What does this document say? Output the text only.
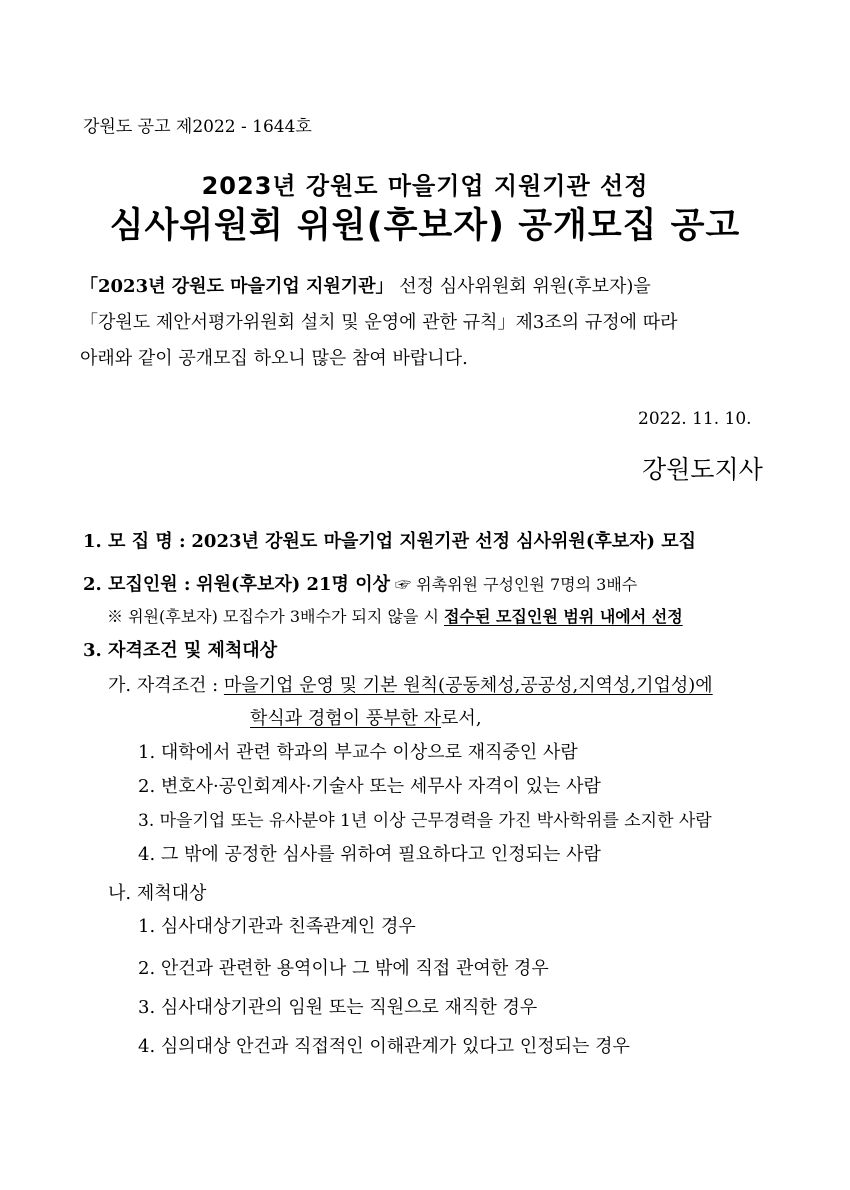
강원도 공고 제2022 - 1644호
2023년 강원도 마을기업 지원기관 선정
심사위원회 위원(후보자) 공개모집 공고
「2023년 강원도 마을기업 지원기관」 선정 심사위원회 위원(후보자)을
「강원도 제안서평가위원회 설치 및 운영에 관한 규칙」제3조의 규정에 따라
아래와 같이 공개모집 하오니 많은 참여 바랍니다.
2022. 11. 10.
강원도지사
1. 모 집 명 : 2023년 강원도 마을기업 지원기관 선정 심사위원(후보자) 모집
2. 모집인원 : 위원(후보자) 21명 이상 ☞ 위촉위원 구성인원 7명의 3배수
※ 위원(후보자) 모집수가 3배수가 되지 않을 시 접수된 모집인원 범위 내에서 선정
3. 자격조건 및 제척대상
가. 자격조건 : 마을기업 운영 및 기본 원칙(공동체성,공공성,지역성,기업성)에
학식과 경험이 풍부한 자로서,
1. 대학에서 관련 학과의 부교수 이상으로 재직중인 사람
2. 변호사·공인회계사·기술사 또는 세무사 자격이 있는 사람
3. 마을기업 또는 유사분야 1년 이상 근무경력을 가진 박사학위를 소지한 사람
4. 그 밖에 공정한 심사를 위하여 필요하다고 인정되는 사람
나. 제척대상
1. 심사대상기관과 친족관계인 경우
2. 안건과 관련한 용역이나 그 밖에 직접 관여한 경우
3. 심사대상기관의 임원 또는 직원으로 재직한 경우
4. 심의대상 안건과 직접적인 이해관계가 있다고 인정되는 경우
